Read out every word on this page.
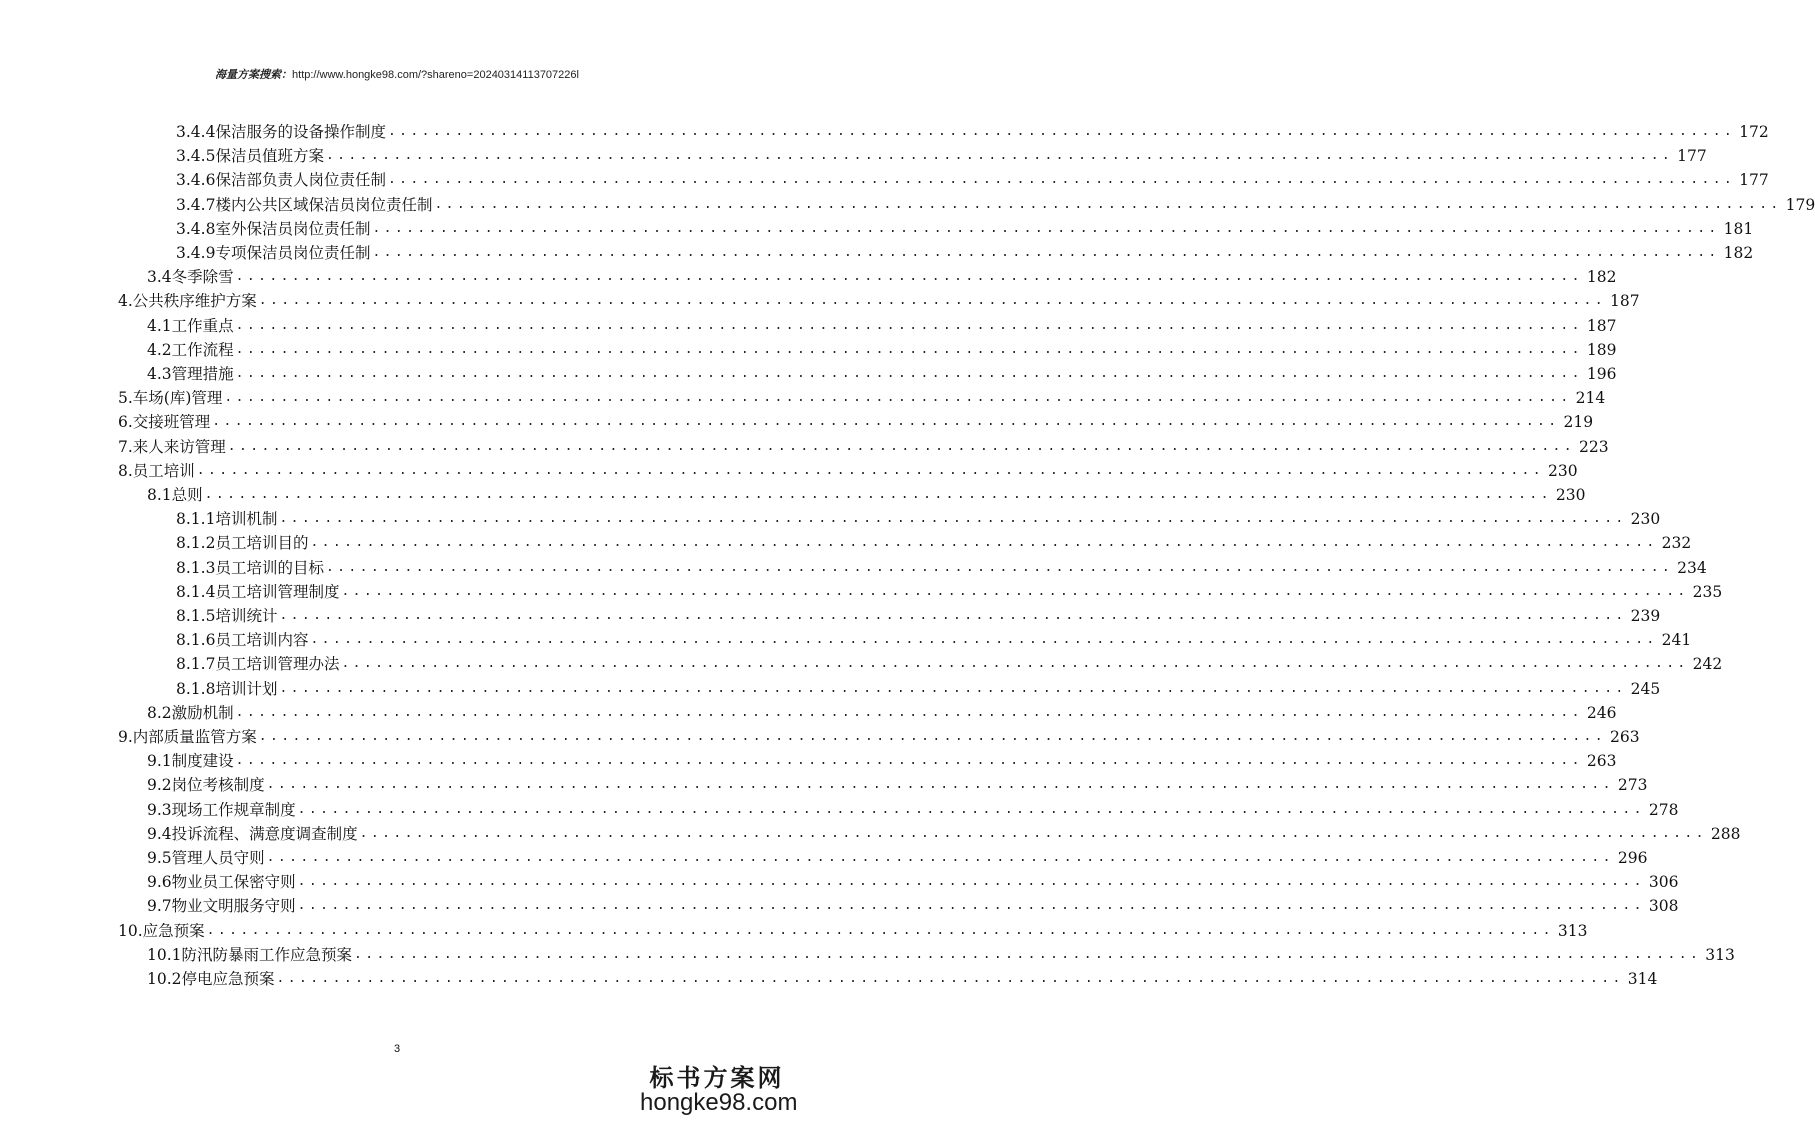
海量方案搜索：http://www.hongke98.com/?shareno=20240314113707226l
3.4.4保洁服务的设备操作制度 ........................................................................................................................ 172
3.4.5保洁员值班方案 ........................................................................................................................ 177
3.4.6保洁部负责人岗位责任制 ........................................................................................................................ 177
3.4.7楼内公共区域保洁员岗位责任制 ........................................................................................................................ 179
3.4.8室外保洁员岗位责任制 ........................................................................................................................ 181
3.4.9专项保洁员岗位责任制 ........................................................................................................................ 182
3.4冬季除雪 ........................................................................................................................ 182
4.公共秩序维护方案 ........................................................................................................................ 187
4.1工作重点 ........................................................................................................................ 187
4.2工作流程 ........................................................................................................................ 189
4.3管理措施 ........................................................................................................................ 196
5.车场(库)管理 ........................................................................................................................ 214
6.交接班管理 ........................................................................................................................ 219
7.来人来访管理 ........................................................................................................................ 223
8.员工培训 ........................................................................................................................ 230
8.1总则 ........................................................................................................................ 230
8.1.1培训机制 ........................................................................................................................ 230
8.1.2员工培训目的 ........................................................................................................................ 232
8.1.3员工培训的目标 ........................................................................................................................ 234
8.1.4员工培训管理制度 ........................................................................................................................ 235
8.1.5培训统计 ........................................................................................................................ 239
8.1.6员工培训内容 ........................................................................................................................ 241
8.1.7员工培训管理办法 ........................................................................................................................ 242
8.1.8培训计划 ........................................................................................................................ 245
8.2激励机制 ........................................................................................................................ 246
9.内部质量监管方案 ........................................................................................................................ 263
9.1制度建设 ........................................................................................................................ 263
9.2岗位考核制度 ........................................................................................................................ 273
9.3现场工作规章制度 ........................................................................................................................ 278
9.4投诉流程、满意度调查制度 ........................................................................................................................ 288
9.5管理人员守则 ........................................................................................................................ 296
9.6物业员工保密守则 ........................................................................................................................ 306
9.7物业文明服务守则 ........................................................................................................................ 308
10.应急预案 ........................................................................................................................ 313
10.1防汛防暴雨工作应急预案 ........................................................................................................................ 313
10.2停电应急预案 ........................................................................................................................ 314
3
标书方案网
hongke98.com
